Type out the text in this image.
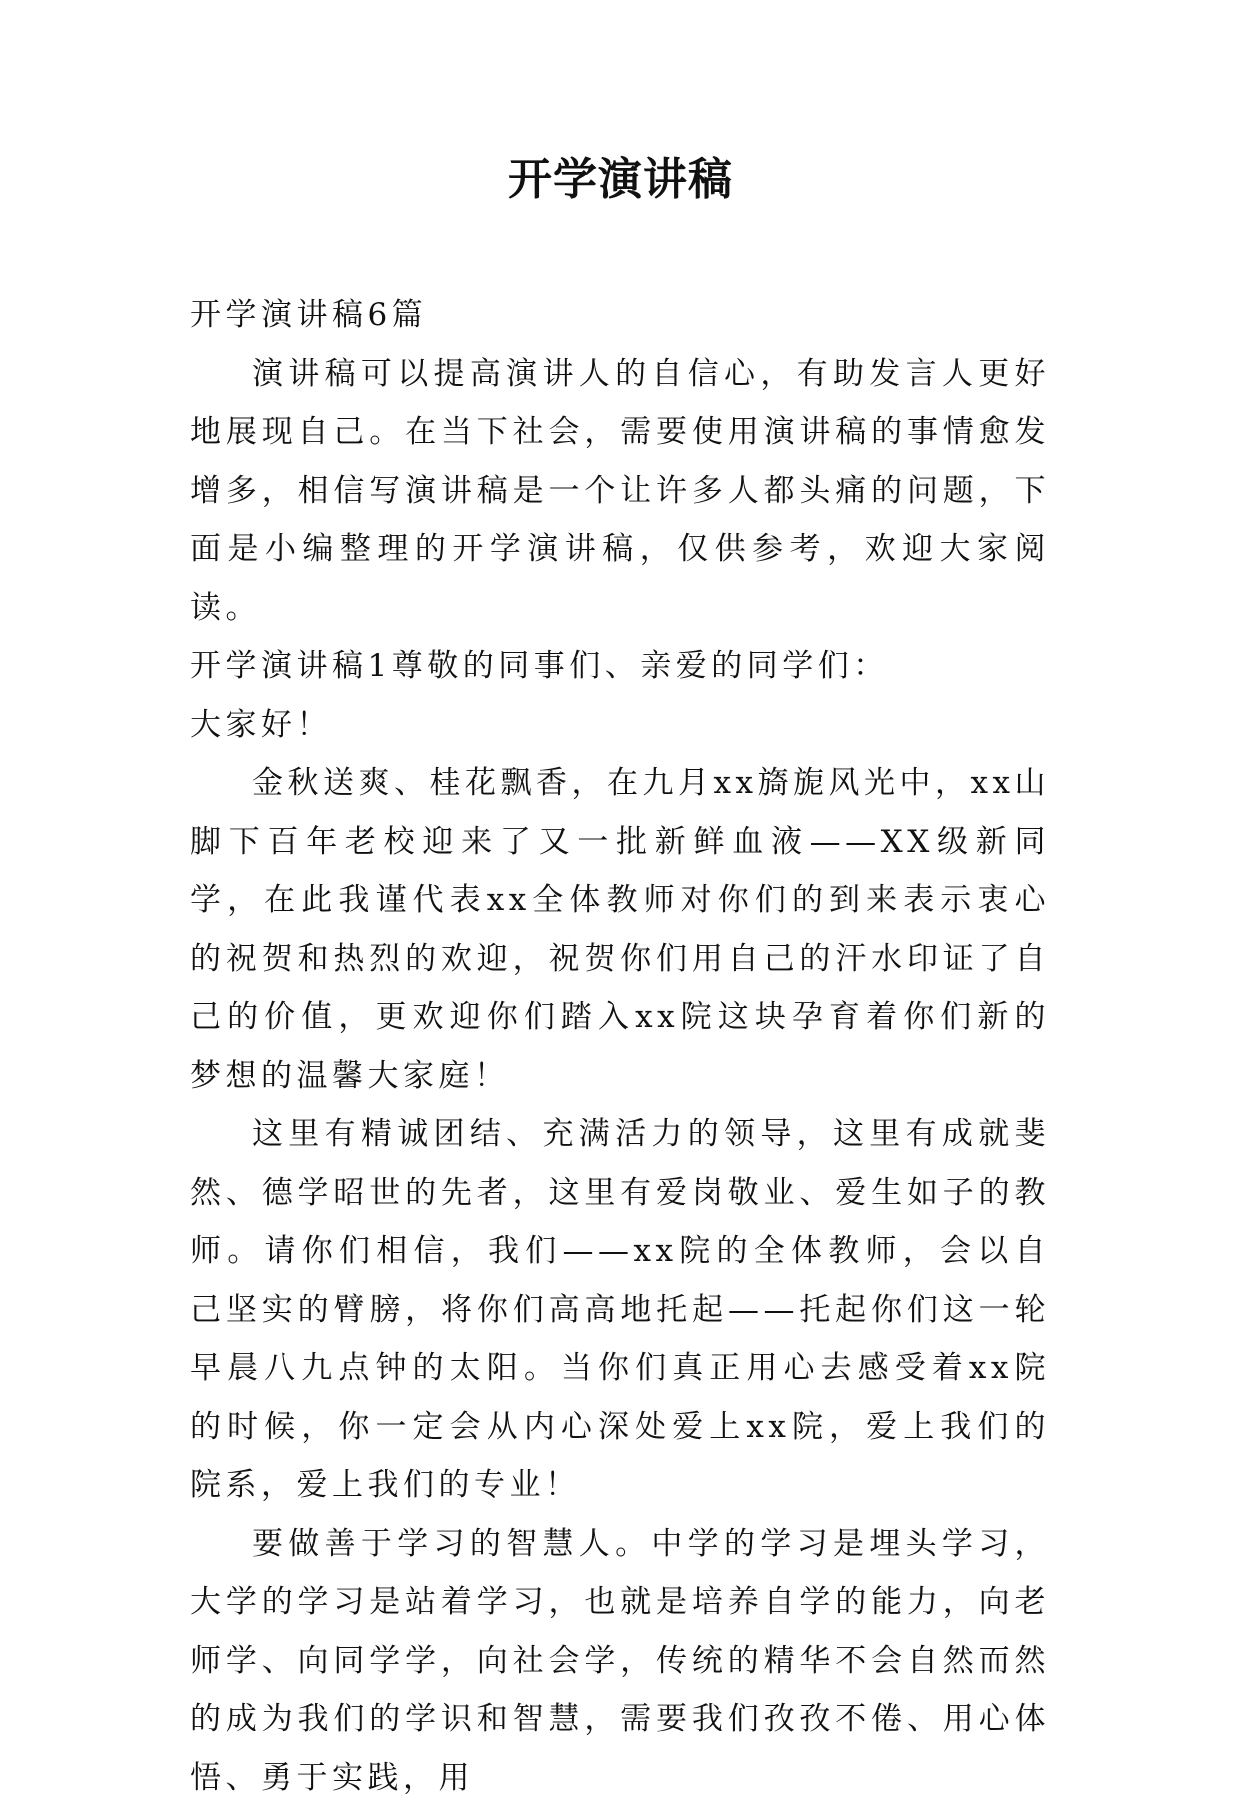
开学演讲稿

开学演讲稿6篇

演讲稿可以提高演讲人的自信心，有助发言人更好地展现自己。在当下社会，需要使用演讲稿的事情愈发增多，相信写演讲稿是一个让许多人都头痛的问题，下面是小编整理的开学演讲稿，仅供参考，欢迎大家阅读。

开学演讲稿1尊敬的同事们、亲爱的同学们：

大家好！

金秋送爽、桂花飘香，在九月xx旖旎风光中，xx山脚下百年老校迎来了又一批新鲜血液——XX级新同学，在此我谨代表xx全体教师对你们的到来表示衷心的祝贺和热烈的欢迎，祝贺你们用自己的汗水印证了自己的价值，更欢迎你们踏入xx院这块孕育着你们新的梦想的温馨大家庭！

这里有精诚团结、充满活力的领导，这里有成就斐然、德学昭世的先者，这里有爱岗敬业、爱生如子的教师。请你们相信，我们——xx院的全体教师，会以自己坚实的臂膀，将你们高高地托起——托起你们这一轮早晨八九点钟的太阳。当你们真正用心去感受着xx院的时候，你一定会从内心深处爱上xx院，爱上我们的院系，爱上我们的专业！

要做善于学习的智慧人。中学的学习是埋头学习，大学的学习是站着学习，也就是培养自学的能力，向老师学、向同学学，向社会学，传统的精华不会自然而然的成为我们的学识和智慧，需要我们孜孜不倦、用心体悟、勇于实践，用
